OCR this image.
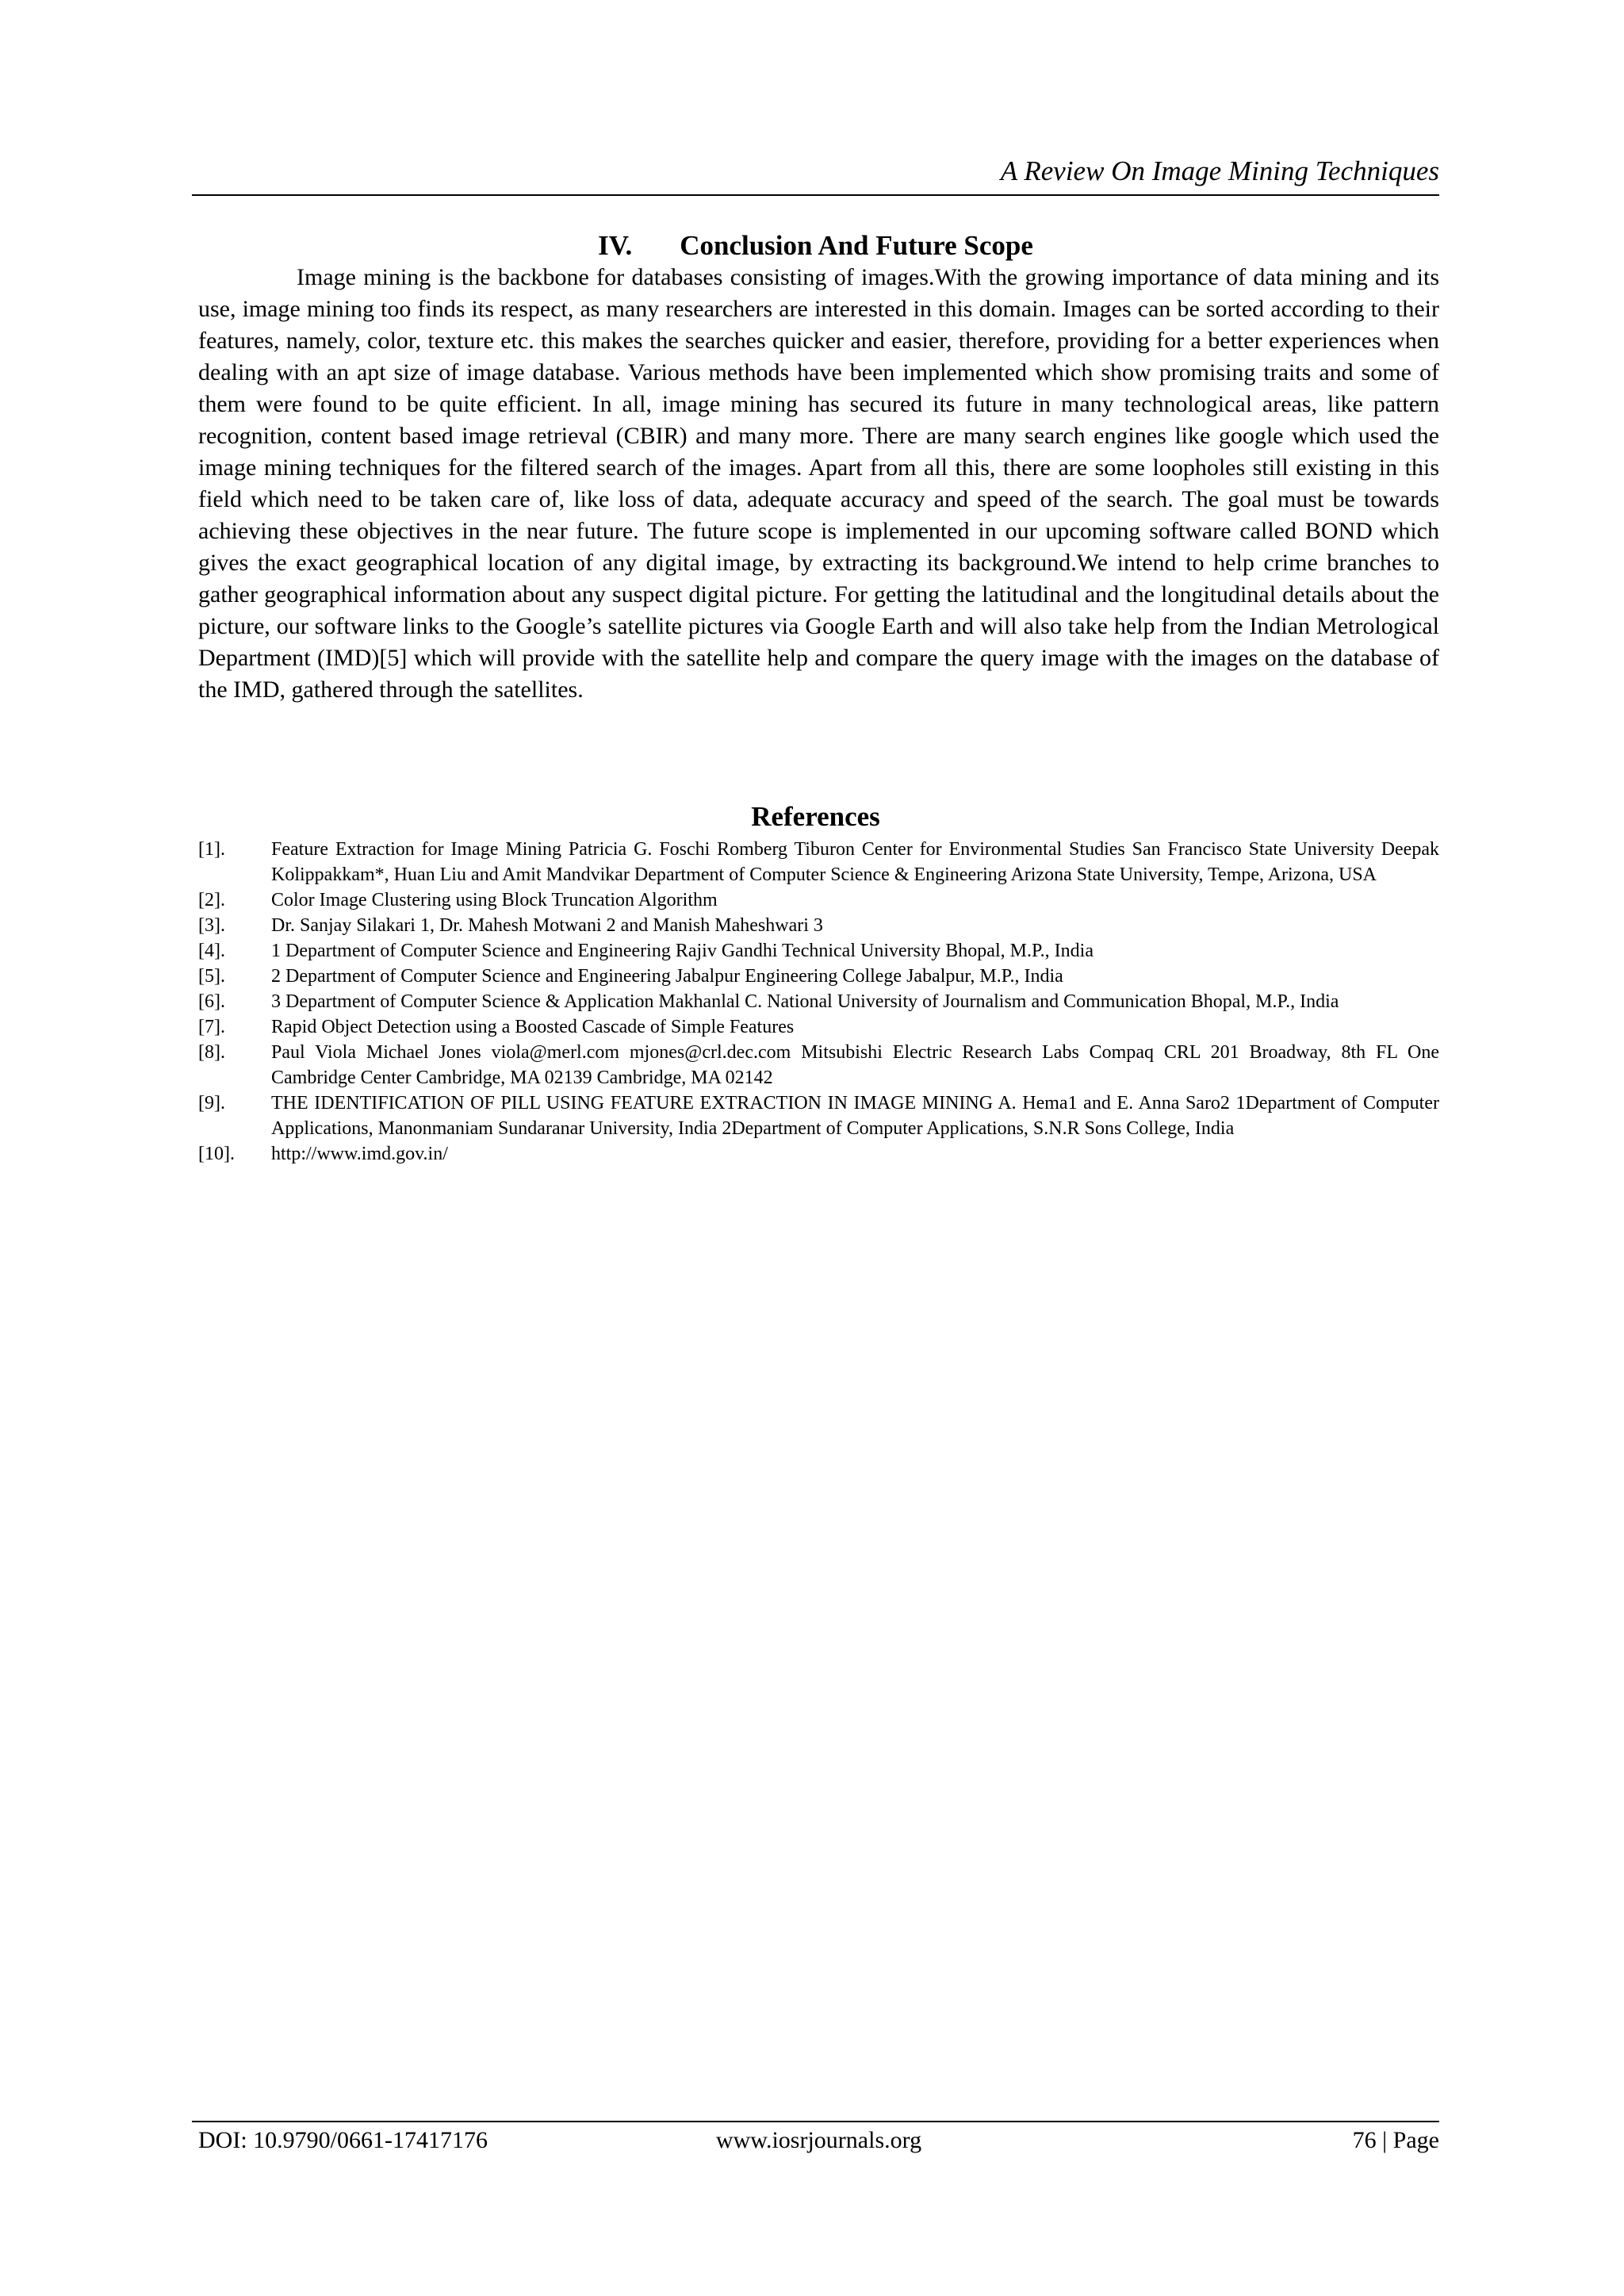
A Review On Image Mining Techniques
IV. Conclusion And Future Scope

Image mining is the backbone for databases consisting of images.With the growing importance of data mining and its use, image mining too finds its respect, as many researchers are interested in this domain. Images can be sorted according to their features, namely, color, texture etc. this makes the searches quicker and easier, therefore, providing for a better experiences when dealing with an apt size of image database. Various methods have been implemented which show promising traits and some of them were found to be quite efficient. In all, image mining has secured its future in many technological areas, like pattern recognition, content based image retrieval (CBIR) and many more. There are many search engines like google which used the image mining techniques for the filtered search of the images. Apart from all this, there are some loopholes still existing in this field which need to be taken care of, like loss of data, adequate accuracy and speed of the search. The goal must be towards achieving these objectives in the near future. The future scope is implemented in our upcoming software called BOND which gives the exact geographical location of any digital image, by extracting its background.We intend to help crime branches to gather geographical information about any suspect digital picture. For getting the latitudinal and the longitudinal details about the picture, our software links to the Google’s satellite pictures via Google Earth and will also take help from the Indian Metrological Department (IMD)[5] which will provide with the satellite help and compare the query image with the images on the database of the IMD, gathered through the satellites.

References
[1].	Feature Extraction for Image Mining Patricia G. Foschi Romberg Tiburon Center for Environmental Studies San Francisco State University Deepak Kolippakkam*, Huan Liu and Amit Mandvikar Department of Computer Science & Engineering Arizona State University, Tempe, Arizona, USA
[2].	Color Image Clustering using Block Truncation Algorithm
[3].	Dr. Sanjay Silakari 1, Dr. Mahesh Motwani 2 and Manish Maheshwari 3
[4].	1 Department of Computer Science and Engineering Rajiv Gandhi Technical University Bhopal, M.P., India
[5].	2 Department of Computer Science and Engineering Jabalpur Engineering College Jabalpur, M.P., India
[6].	3 Department of Computer Science & Application Makhanlal C. National University of Journalism and Communication Bhopal, M.P., India
[7].	Rapid Object Detection using a Boosted Cascade of Simple Features
[8].	Paul Viola Michael Jones viola@merl.com mjones@crl.dec.com Mitsubishi Electric Research Labs Compaq CRL 201 Broadway, 8th FL One Cambridge Center Cambridge, MA 02139 Cambridge, MA 02142
[9].	THE IDENTIFICATION OF PILL USING FEATURE EXTRACTION IN IMAGE MINING A. Hema1 and E. Anna Saro2 1Department of Computer Applications, Manonmaniam Sundaranar University, India 2Department of Computer Applications, S.N.R Sons College, India
[10].	http://www.imd.gov.in/
www.iosrjournals.org
DOI: 10.9790/0661-17417176	76 | Page
